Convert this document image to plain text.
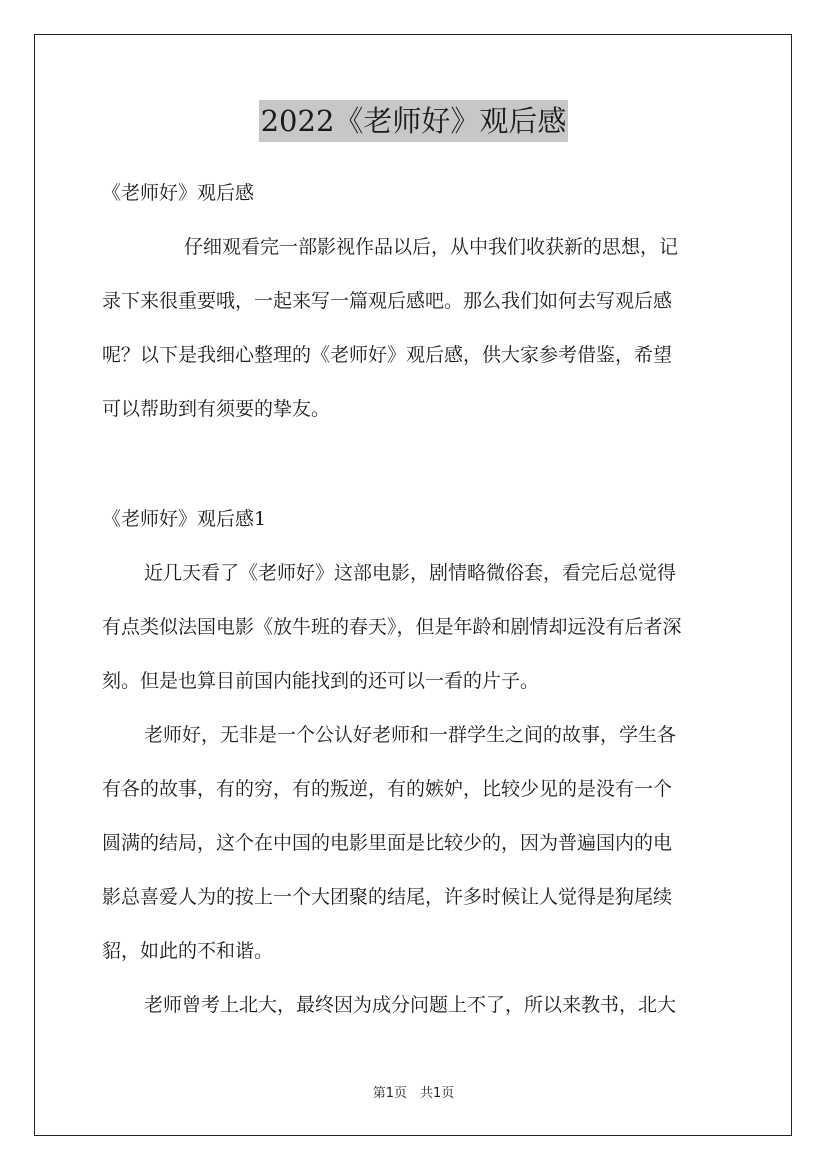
2022《老师好》观后感
《老师好》观后感
　　仔细观看完一部影视作品以后，从中我们收获新的思想，记
录下来很重要哦，一起来写一篇观后感吧。那么我们如何去写观后感
呢？以下是我细心整理的《老师好》观后感，供大家参考借鉴，希望
可以帮助到有须要的挚友。
《老师好》观后感1
近几天看了《老师好》这部电影，剧情略微俗套，看完后总觉得
有点类似法国电影《放牛班的春天》，但是年龄和剧情却远没有后者深
刻。但是也算目前国内能找到的还可以一看的片子。
老师好，无非是一个公认好老师和一群学生之间的故事，学生各
有各的故事，有的穷，有的叛逆，有的嫉妒，比较少见的是没有一个
圆满的结局，这个在中国的电影里面是比较少的，因为普遍国内的电
影总喜爱人为的按上一个大团聚的结尾，许多时候让人觉得是狗尾续
貂，如此的不和谐。
老师曾考上北大，最终因为成分问题上不了，所以来教书，北大
第1页　共1页
